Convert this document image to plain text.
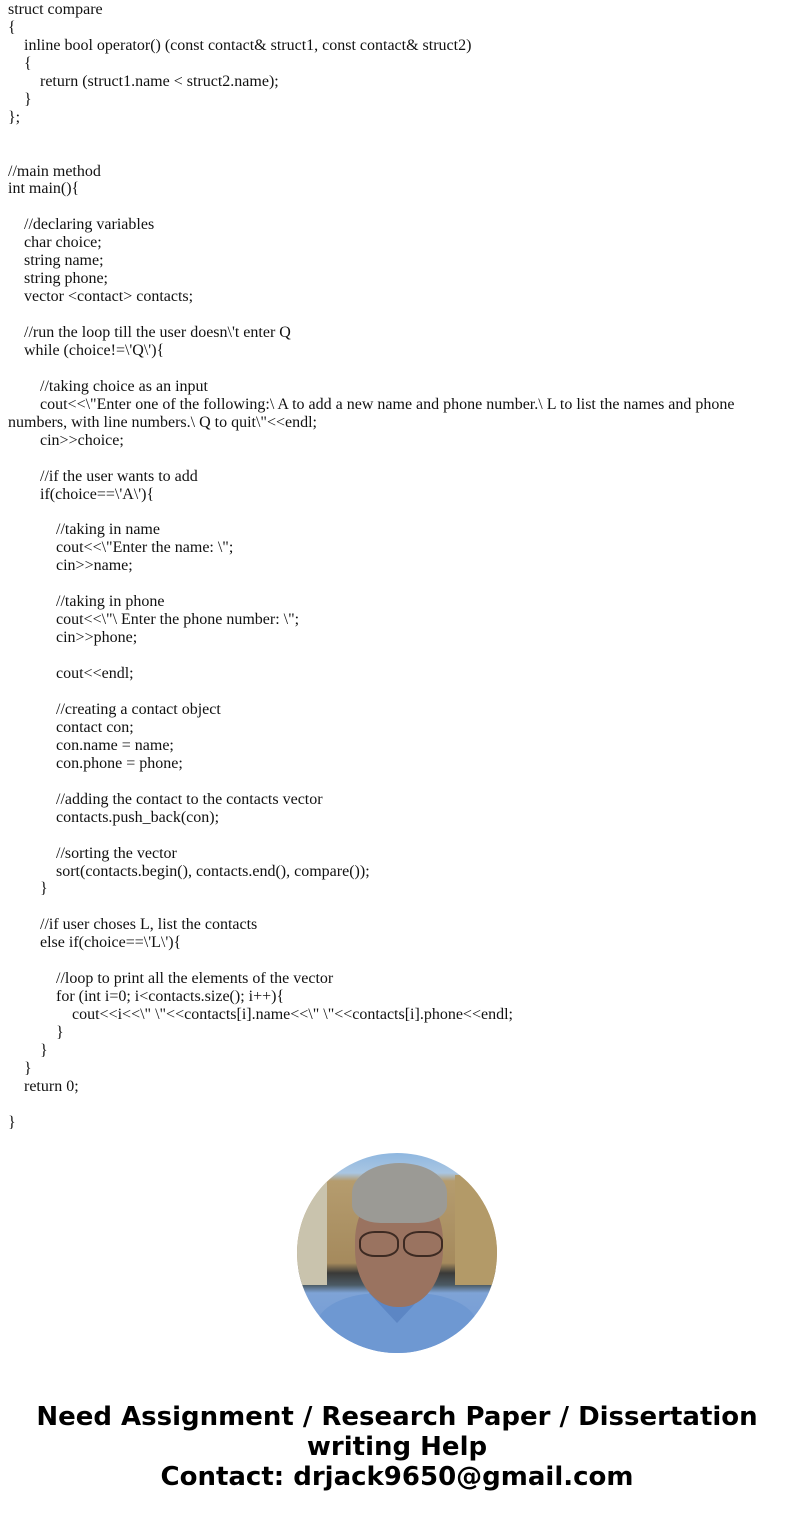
struct compare
{
inline bool operator() (const contact& struct1, const contact& struct2)
{
return (struct1.name < struct2.name);
}
};
//main method
int main(){
//declaring variables
char choice;
string name;
string phone;
vector <contact> contacts;
//run the loop till the user doesn\'t enter Q
while (choice!=\'Q\'){
//taking choice as an input
cout<<\"Enter one of the following:\ A to add a new name and phone number.\ L to list the names and phone
numbers, with line numbers.\ Q to quit\"<<endl;
cin>>choice;
//if the user wants to add
if(choice==\'A\'){
//taking in name
cout<<\"Enter the name: \";
cin>>name;
//taking in phone
cout<<\"\ Enter the phone number: \";
cin>>phone;
cout<<endl;
//creating a contact object
contact con;
con.name = name;
con.phone = phone;
//adding the contact to the contacts vector
contacts.push_back(con);
//sorting the vector
sort(contacts.begin(), contacts.end(), compare());
}
//if user choses L, list the contacts
else if(choice==\'L\'){
//loop to print all the elements of the vector
for (int i=0; i<contacts.size(); i++){
cout<<i<<\" \"<<contacts[i].name<<\" \"<<contacts[i].phone<<endl;
}
}
}
return 0;
}
Need Assignment / Research Paper / Dissertation
writing Help
Contact: drjack9650@gmail.com
